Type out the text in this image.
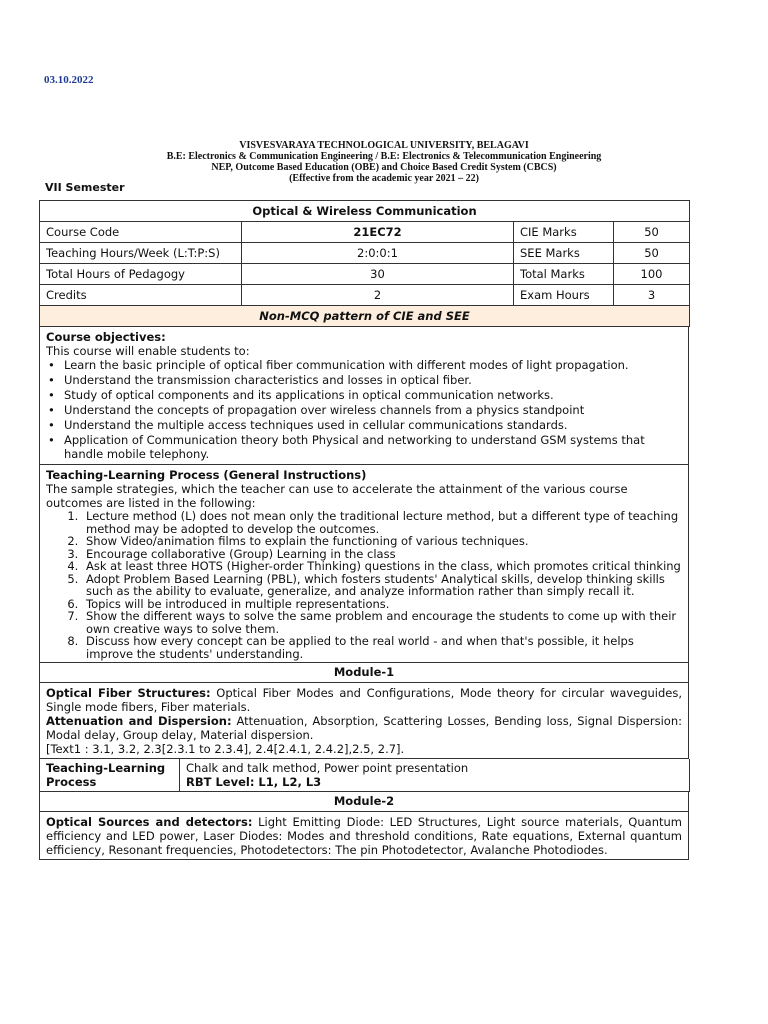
03.10.2022
VISVESVARAYA TECHNOLOGICAL UNIVERSITY, BELAGAVI
B.E: Electronics & Communication Engineering / B.E: Electronics & Telecommunication Engineering
NEP, Outcome Based Education (OBE) and Choice Based Credit System (CBCS)
(Effective from the academic year 2021 – 22)
VII Semester
Optical & Wireless Communication			
Course Code	21EC72	CIE Marks	50
Teaching Hours/Week (L:T:P:S)	2:0:0:1	SEE Marks	50
Total Hours of Pedagogy	30	Total Marks	100
Credits	2	Exam Hours	3
Non-MCQ pattern of CIE and SEE			
Course objectives:
This course will enable students to:
• Learn the basic principle of optical fiber communication with different modes of light propagation.
• Understand the transmission characteristics and losses in optical fiber.
• Study of optical components and its applications in optical communication networks.
• Understand the concepts of propagation over wireless channels from a physics standpoint
• Understand the multiple access techniques used in cellular communications standards.
• Application of Communication theory both Physical and networking to understand GSM systems that handle mobile telephony.
Teaching-Learning Process (General Instructions)
The sample strategies, which the teacher can use to accelerate the attainment of the various course outcomes are listed in the following:
1. Lecture method (L) does not mean only the traditional lecture method, but a different type of teaching method may be adopted to develop the outcomes.
2. Show Video/animation films to explain the functioning of various techniques.
3. Encourage collaborative (Group) Learning in the class
4. Ask at least three HOTS (Higher-order Thinking) questions in the class, which promotes critical thinking
5. Adopt Problem Based Learning (PBL), which fosters students' Analytical skills, develop thinking skills such as the ability to evaluate, generalize, and analyze information rather than simply recall it.
6. Topics will be introduced in multiple representations.
7. Show the different ways to solve the same problem and encourage the students to come up with their own creative ways to solve them.
8. Discuss how every concept can be applied to the real world - and when that's possible, it helps improve the students' understanding.
Module-1
Optical Fiber Structures: Optical Fiber Modes and Configurations, Mode theory for circular waveguides, Single mode fibers, Fiber materials.
Attenuation and Dispersion: Attenuation, Absorption, Scattering Losses, Bending loss, Signal Dispersion: Modal delay, Group delay, Material dispersion.
[Text1 : 3.1, 3.2, 2.3[2.3.1 to 2.3.4], 2.4[2.4.1, 2.4.2],2.5, 2.7].
Teaching-Learning Process	
Chalk and talk method, Power point presentation
RBT Level: L1, L2, L3
Module-2
Optical Sources and detectors: Light Emitting Diode: LED Structures, Light source materials, Quantum efficiency and LED power, Laser Diodes: Modes and threshold conditions, Rate equations, External quantum efficiency, Resonant frequencies, Photodetectors: The pin Photodetector, Avalanche Photodiodes.
